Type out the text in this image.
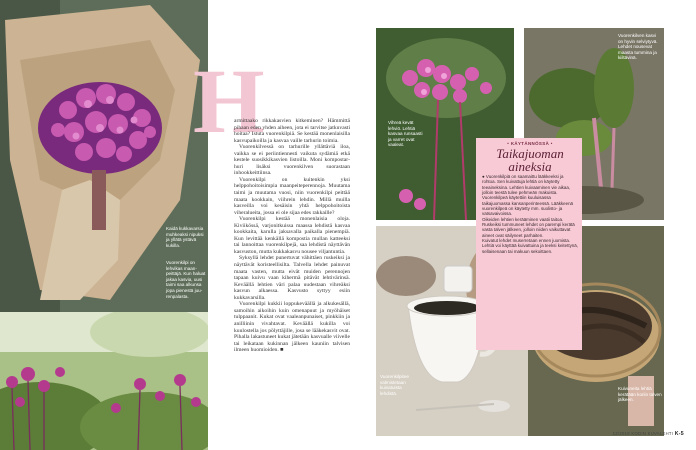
Kaidä kukkavarsia muhkeaksi nipuksi ja yllätä ystävä kukilla.
Vuorenkilpi on lehvikas maanpeittäjä. Kun haluat jakaa kasvia, uusi taimi saa alkunsa jopa pienestä juurenpalasta.
H

armittaako rikkakasvien kitkeminen? Hämmittä pihaan eden yhden aiheen, jota ei tarvitse jatkuvasti hoitaa? Istuta vuorenkilpiä. Se kestää monenlaisilla kasvupaikoilla ja kasvaa vaille tarhurin toimia.

Vuorenkilvessä on tarhurille yllättäviä iloa, vaikka se ei periintiennesti vaikuta sydämiä etkä kestele suosikkikasvien listoilla. Moni kompostarhuri lisäksi vuorenkilven suorastaan inhookkeittiinsa.

Vuorenkilpi on kuitenkin yksi helppohoitoisimpia maanpeiteperennoja. Muutama taimi ja muutama vuosi, niin vuorenkilpi peittää maata kookkain, viihrein lehdin. Millä muilla kasveilla voi kesäisin yhtä helppohoitoista viheralueita, jossa ei ole sijaa edes rakkaille?

Vuorenkilpi kestää monenlaisia oloja. Kiviikössä, varjonitkuissa maassa lehdistä kasvaa kookkaita, karulla jaksavalla paikalla pienempiä. Kun levittää kenkällä kompostia mullan katteeksi tai lannoittaa vuorenkilpejä, saa lehdistä näyttävän kasvuston, mutta kukkakasvu nousee viljantuntia.

Syksyllä lehdet punertuvat vähittäen ruskeiksi ja näyttävät koristeellisilta. Talvella lehdet painuvat maata vasten, mutta eivät muiden perennojen tapaan kuivu vaan kihermä pitävät lehtivärinsä. Keväällä lehtien väri palaa uudestaan vihreäksi kasvun alkaessa. Kasvusto syttyy esiin kukkavarsilla.

Vuorenkilpi kukkii loppukeväällä ja alkukesällä, samoihin aikoihin kuin omenapuut ja myöhäiset tulppaanit. Kukat ovat vaaleanpunaiset, pinkkiin ja anilliinin vivahtavat. Keväällä kukilla voi kuulostella jos pölyttäjille, josa se lääkekasvit ovat. Pihalla lakastuneet kukat jätetään kasvualle viivelle tai leikataan kukinnan jälkeen kauniin talvisen ilmeen huomioiden. ■

Vihreä kevät lehviö. Lehtiä kasvaa runsaasti ja varret ovat vaaleat.
Vuorenkilven kasvi on hyvin selviytyvä. Lehdet nousevat maasta tummina ja kiiltävinä.
Vuorenkilpitee valmistetaan kuivatuista lehdistä.
Kuivuneita lehtiä kerätään koriin talven jälkeen.
• KÄYTÄNNÖSSÄ •
Taikajuoman aineksia

● Vuorenkilpiä on saamaittu lääkkeeksi ja rohtoa. Sen kuivattuja lehtiä on käytetty teeaineksina. Lehtien kuivaaminen vie aikaa, jolloin teestä tulee pehmeän makuista.

Vuorenkilpeä käytettiin kuuluisassa taikajuomassa kansanperinteessä. Lääkkeenä vuorenkilpeä on käytetty mm. suolisto- ja vatsavaivoissa.

Oikeiden lehtien kerääminen vaatii taitoa. Ruskeiksi tummuneet lehdet on parempi kerätä vasta talven jälkeen, jolloin niiden vaikuttavat aineet ovat säilyneet parhaiten.

Kuivatut lehdet muserretaan ennen juomista. Lehtiä voi käyttää kuivattuina ja teeksi keitettynä, sellaisenaan tai makuun sekoittaen.

12/2018 KODIN KUVALEHTI K-5
